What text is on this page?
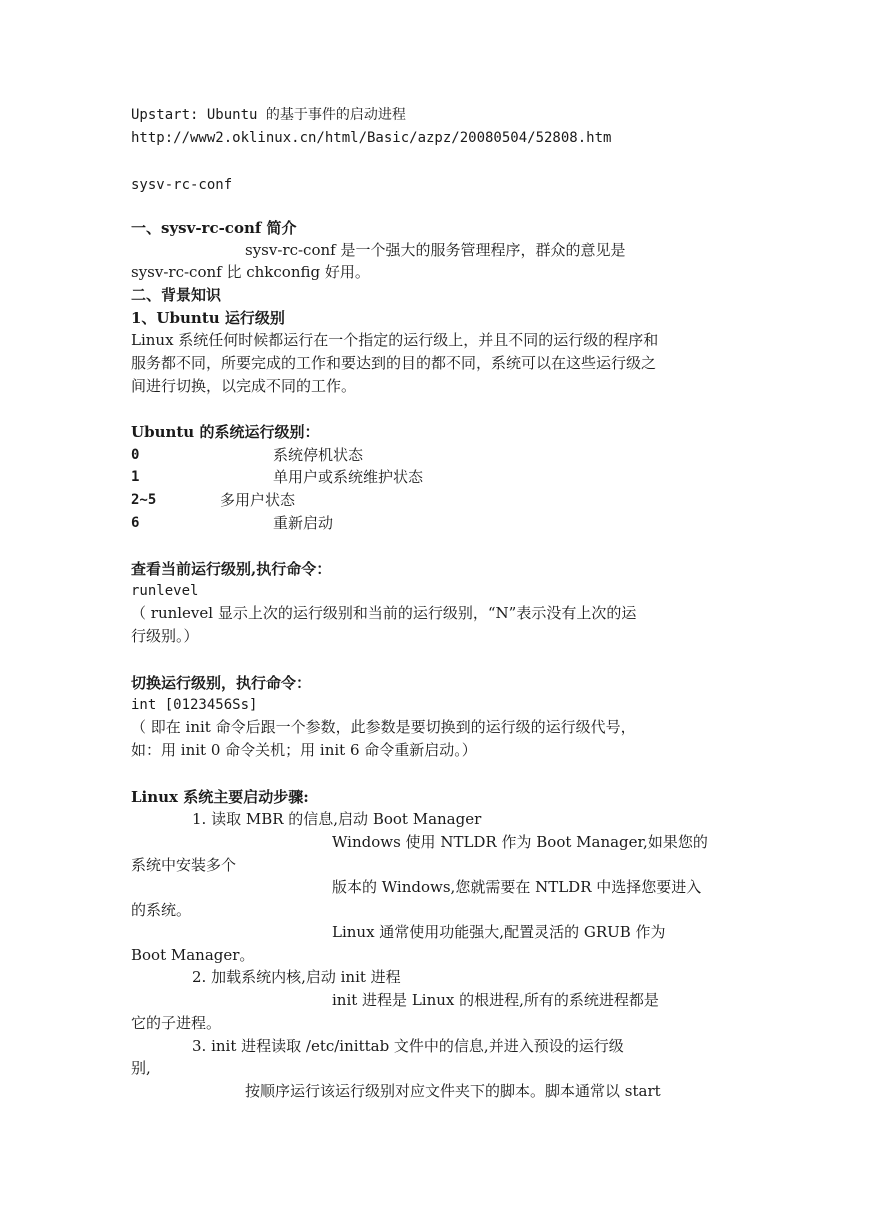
Upstart: Ubuntu 的基于事件的启动进程
http://www2.oklinux.cn/html/Basic/azpz/20080504/52808.htm
sysv-rc-conf
一、sysv-rc-conf 简介
sysv-rc-conf 是一个强大的服务管理程序，群众的意见是
sysv-rc-conf 比 chkconfig 好用。
二、背景知识
1、Ubuntu 运行级别
Linux 系统任何时候都运行在一个指定的运行级上，并且不同的运行级的程序和
服务都不同，所要完成的工作和要达到的目的都不同，系统可以在这些运行级之
间进行切换，以完成不同的工作。
Ubuntu 的系统运行级别：
0	系统停机状态
1	单用户或系统维护状态
2~5	多用户状态
6	重新启动
查看当前运行级别,执行命令：
runlevel
（ runlevel 显示上次的运行级别和当前的运行级别，“N”表示没有上次的运
行级别。）
切换运行级别，执行命令：
int [0123456Ss]
（ 即在 init 命令后跟一个参数，此参数是要切换到的运行级的运行级代号，
如：用 init 0 命令关机；用 init 6 命令重新启动。）
Linux 系统主要启动步骤:
1. 读取 MBR 的信息,启动 Boot Manager
Windows 使用 NTLDR 作为 Boot Manager,如果您的
系统中安装多个
版本的 Windows,您就需要在 NTLDR 中选择您要进入
的系统。
Linux 通常使用功能强大,配置灵活的 GRUB 作为
Boot Manager。
2. 加载系统内核,启动 init 进程
init 进程是 Linux 的根进程,所有的系统进程都是
它的子进程。
3. init 进程读取 /etc/inittab 文件中的信息,并进入预设的运行级
别,
按顺序运行该运行级别对应文件夹下的脚本。脚本通常以 start
